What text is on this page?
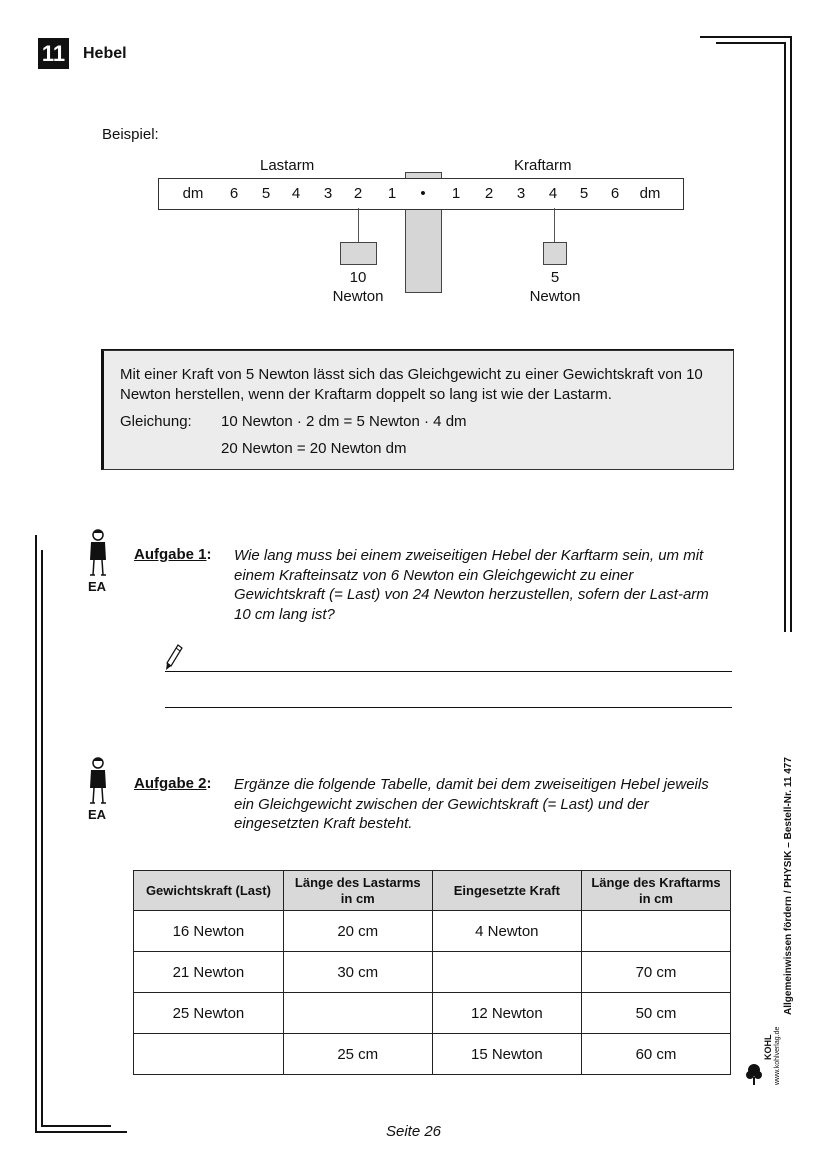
11 Hebel
Beispiel:
Lastarm	Kraftarm
dm	6	5	4	3	2	1	•	1	2	3	4	5	6	dm
10
Newton
5
Newton
Mit einer Kraft von 5 Newton lässt sich das Gleichgewicht zu einer Gewichtskraft von 10 Newton herstellen, wenn der Kraftarm doppelt so lang ist wie der Lastarm.
Gleichung: 10 Newton · 2 dm = 5 Newton · 4 dm
20 Newton = 20 Newton dm
EA
Aufgabe 1: Wie lang muss bei einem zweiseitigen Hebel der Karftarm sein, um mit einem Krafteinsatz von 6 Newton ein Gleichgewicht zu einer Gewichtskraft (= Last) von 24 Newton herzustellen, sofern der Last-arm 10 cm lang ist?
EA
Aufgabe 2: Ergänze die folgende Tabelle, damit bei dem zweiseitigen Hebel jeweils ein Gleichgewicht zwischen der Gewichtskraft (= Last) und der eingesetzten Kraft besteht.
Gewichtskraft (Last)	Länge des Lastarms in cm	Eingesetzte Kraft	Länge des Kraftarms in cm
16 Newton	20 cm	4 Newton	
21 Newton	30 cm		70 cm
25 Newton		12 Newton	50 cm
	25 cm	15 Newton	60 cm
Allgemeinwissen fördern / PHYSIK – Bestell-Nr. 11 477
KOHL www.kohlverlag.de
Seite 26
